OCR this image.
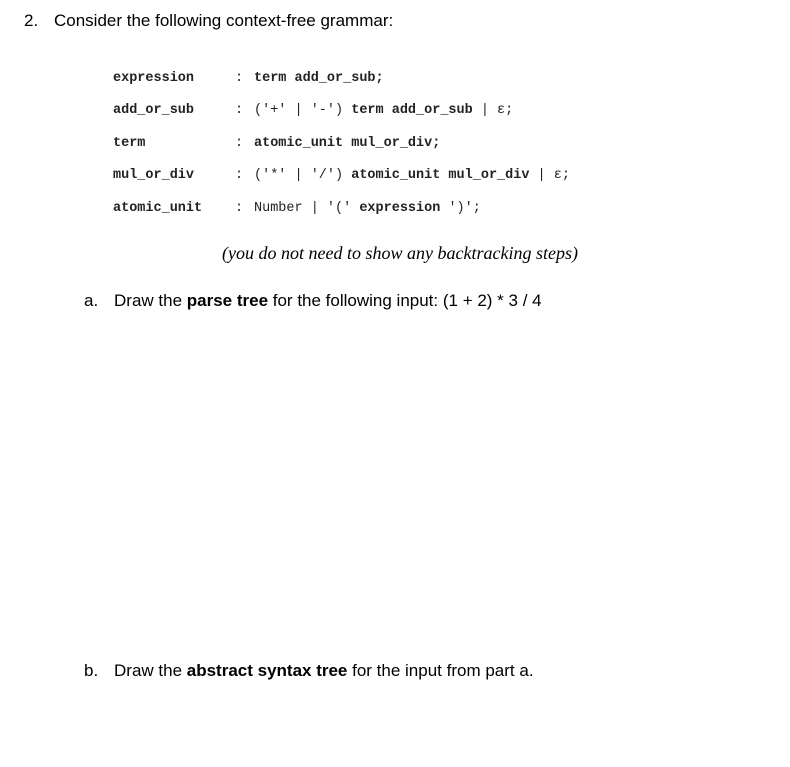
2. Consider the following context-free grammar:
expression	: term add_or_sub;
add_or_sub	: ('+' | '-') term add_or_sub | ε;
term	: atomic_unit mul_or_div;
mul_or_div	: ('*' | '/') atomic_unit mul_or_div | ε;
atomic_unit : Number | '(' expression ')';
(you do not need to show any backtracking steps)
a. Draw the parse tree for the following input: (1 + 2) * 3 / 4
b. Draw the abstract syntax tree for the input from part a.
